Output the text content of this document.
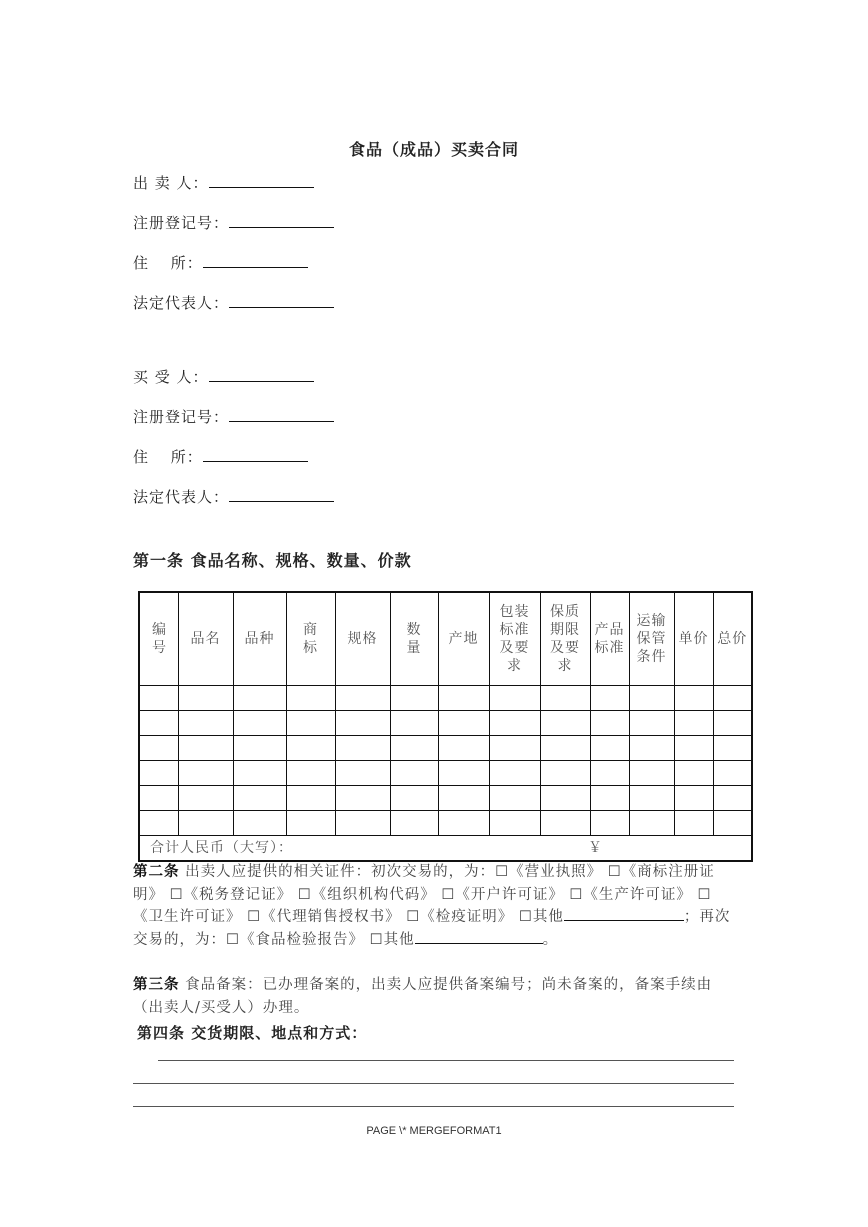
食品（成品）买卖合同
出 卖 人：
注册登记号：
住　 所：
法定代表人：
买 受 人：
注册登记号：
住　 所：
法定代表人：
第一条 食品名称、规格、数量、价款
编号	品名	品种	商标	规格	数量	产地	包装标准及要求	保质期限及要求	产品标准	运输保管条件	单价	总价

合计人民币（大写）： ￥												
第二条 出卖人应提供的相关证件：初次交易的，为：☐《营业执照》 ☐《商标注册证明》 ☐《税务登记证》 ☐《组织机构代码》 ☐《开户许可证》 ☐《生产许可证》 ☐《卫生许可证》 ☐《代理销售授权书》 ☐《检疫证明》 ☐其他	；再次交易的，为：☐《食品检验报告》 ☐其他	。
第三条 食品备案：已办理备案的，出卖人应提供备案编号；尚未备案的，备案手续由（出卖人/买受人）办理。
第四条 交货期限、地点和方式：
PAGE \* MERGEFORMAT1
